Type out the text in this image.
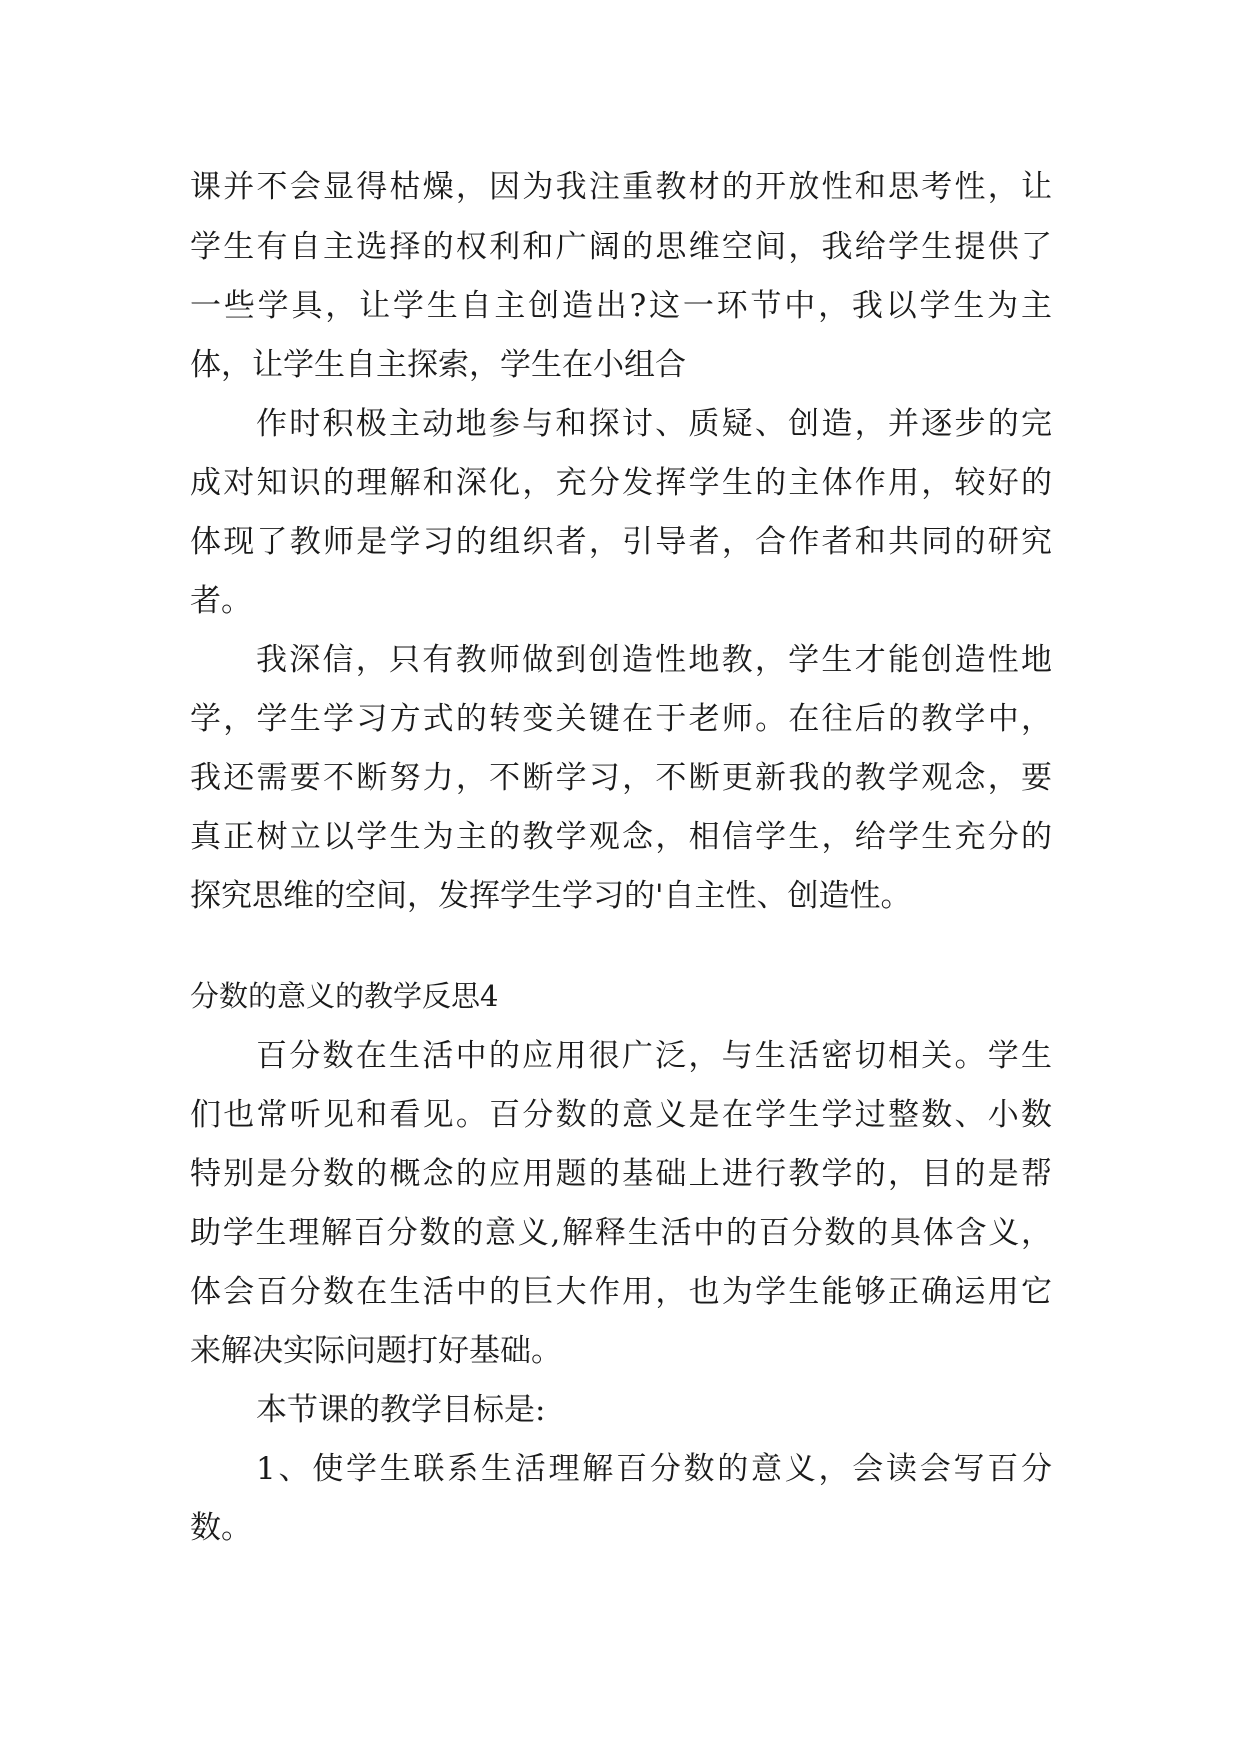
课并不会显得枯燥，因为我注重教材的开放性和思考性，让

学生有自主选择的权利和广阔的思维空间，我给学生提供了

一些学具，让学生自主创造出?这一环节中，我以学生为主

体，让学生自主探索，学生在小组合

作时积极主动地参与和探讨、质疑、创造，并逐步的完

成对知识的理解和深化，充分发挥学生的主体作用，较好的

体现了教师是学习的组织者，引导者，合作者和共同的研究

者。

我深信，只有教师做到创造性地教，学生才能创造性地

学，学生学习方式的转变关键在于老师。在往后的教学中，

我还需要不断努力，不断学习，不断更新我的教学观念，要

真正树立以学生为主的教学观念，相信学生，给学生充分的

探究思维的空间，发挥学生学习的'自主性、创造性。

分数的意义的教学反思4

百分数在生活中的应用很广泛，与生活密切相关。学生

们也常听见和看见。百分数的意义是在学生学过整数、小数

特别是分数的概念的应用题的基础上进行教学的，目的是帮

助学生理解百分数的意义,解释生活中的百分数的具体含义，

体会百分数在生活中的巨大作用，也为学生能够正确运用它

来解决实际问题打好基础。

本节课的教学目标是:

1、使学生联系生活理解百分数的意义，会读会写百分

数。
